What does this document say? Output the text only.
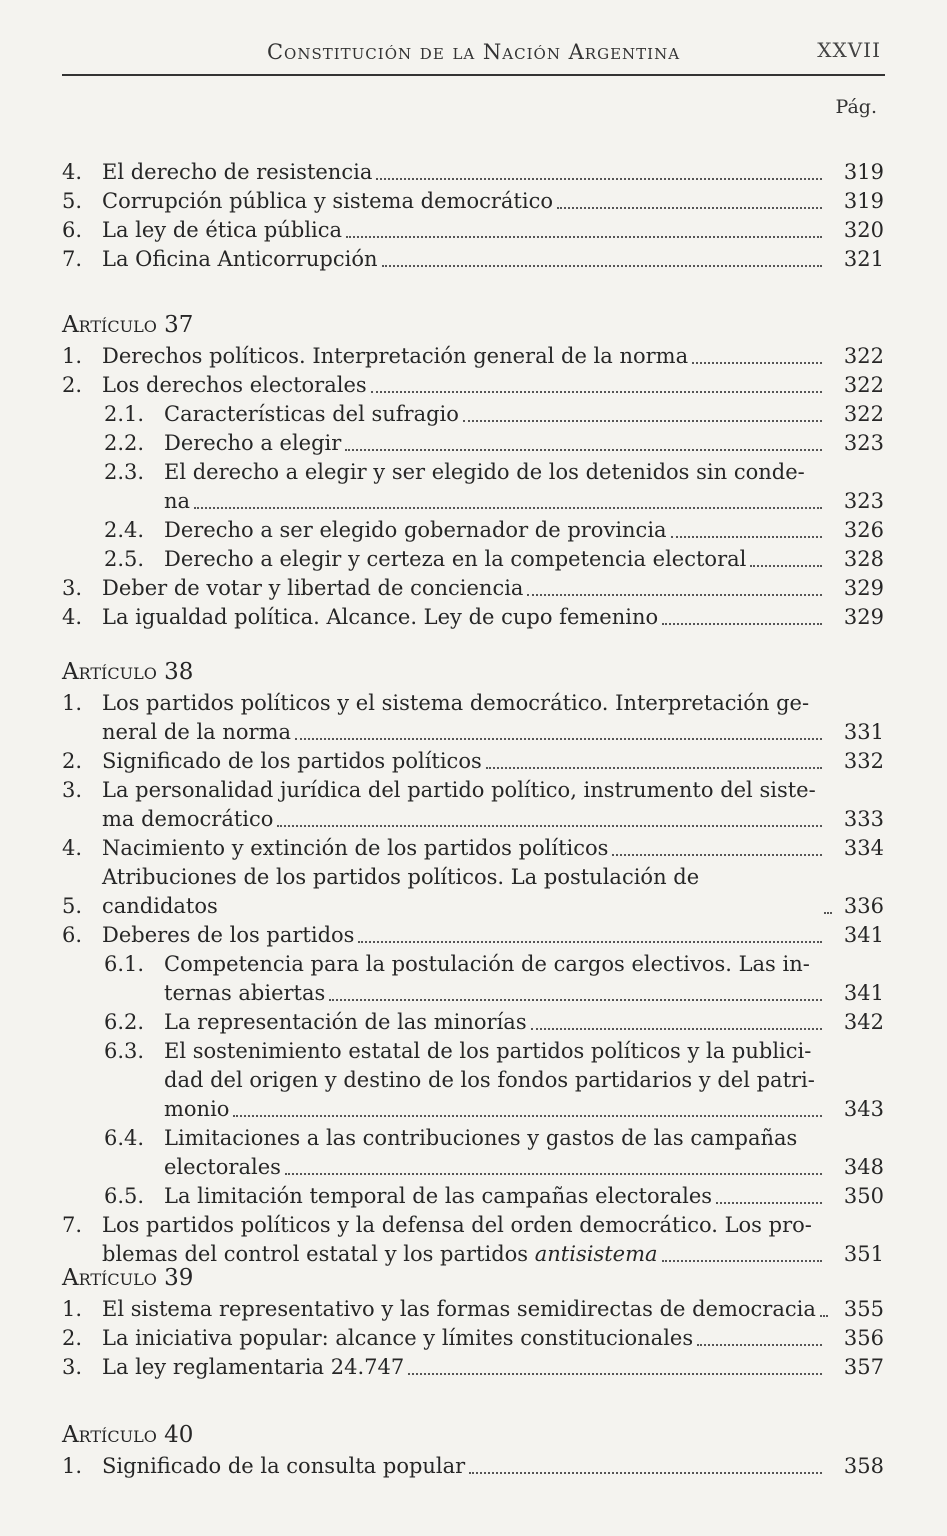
Constitución de la Nación Argentina	XXVII
Pág.
4. El derecho de resistencia	319
5. Corrupción pública y sistema democrático	319
6. La ley de ética pública	320
7. La Oficina Anticorrupción	321
Artículo 37
1. Derechos políticos. Interpretación general de la norma	322
2. Los derechos electorales	322
2.1. Características del sufragio	322
2.2. Derecho a elegir	323
2.3. El derecho a elegir y ser elegido de los detenidos sin conde-
na	323
2.4. Derecho a ser elegido gobernador de provincia	326
2.5. Derecho a elegir y certeza en la competencia electoral	328
3. Deber de votar y libertad de conciencia	329
4. La igualdad política. Alcance. Ley de cupo femenino	329
Artículo 38
1. Los partidos políticos y el sistema democrático. Interpretación ge-
neral de la norma	331
2. Significado de los partidos políticos	332
3. La personalidad jurídica del partido político, instrumento del siste-
ma democrático	333
4. Nacimiento y extinción de los partidos políticos	334
5.
Atribuciones de los partidos políticos. La postulación de candidatos	336
6. Deberes de los partidos	341
6.1. Competencia para la postulación de cargos electivos. Las in-
ternas abiertas	341
6.2. La representación de las minorías	342
6.3. El sostenimiento estatal de los partidos políticos y la publici-
dad del origen y destino de los fondos partidarios y del patri-
monio	343
6.4. Limitaciones a las contribuciones y gastos de las campañas
electorales	348
6.5. La limitación temporal de las campañas electorales	350
7. Los partidos políticos y la defensa del orden democrático. Los pro-
blemas del control estatal y los partidos antisistema	351
Artículo 39
1. El sistema representativo y las formas semidirectas de democracia	355
2. La iniciativa popular: alcance y límites constitucionales	356
3. La ley reglamentaria 24.747	357
Artículo 40
1. Significado de la consulta popular	358
